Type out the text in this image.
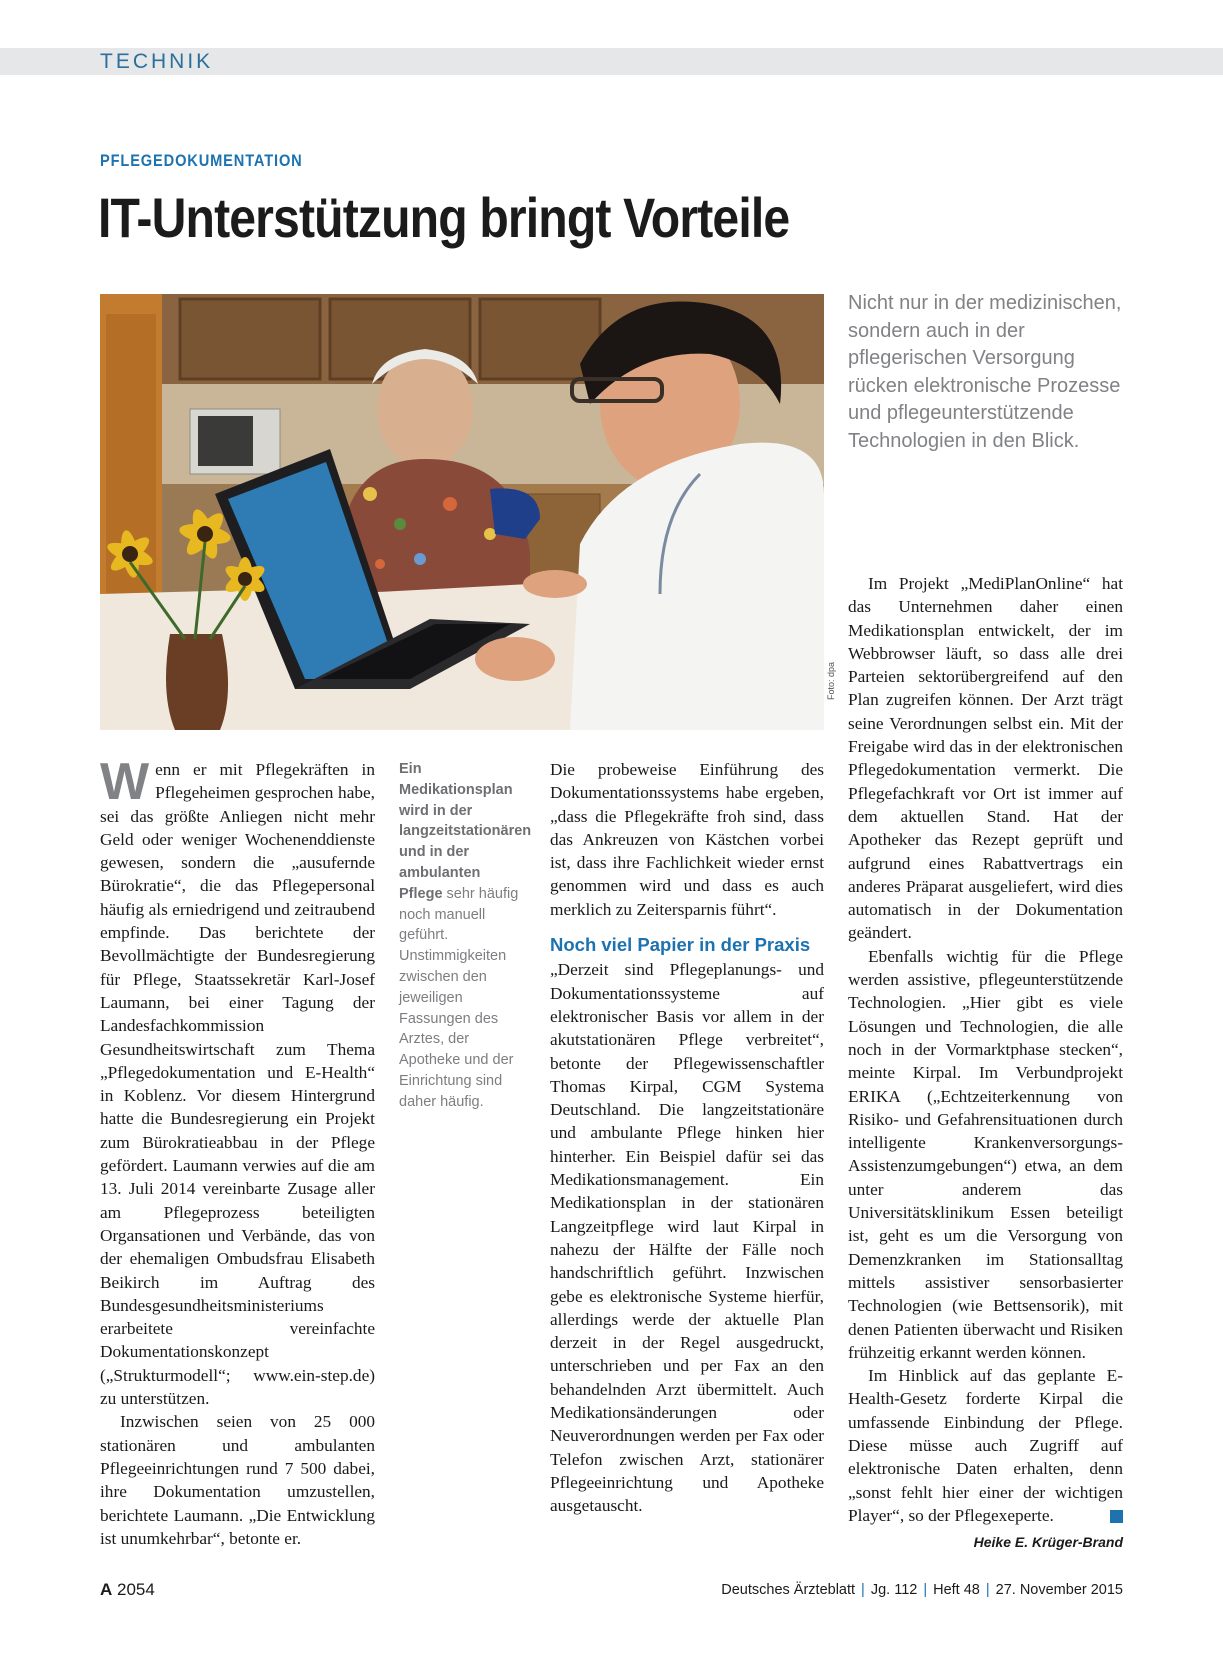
TECHNIK
PFLEGEDOKUMENTATION
IT-Unterstützung bringt Vorteile
Foto: dpa
Nicht nur in der medizinischen, sondern auch in der pflegerischen Versorgung rücken elektronische Prozesse und pflegeunterstützende Technologien in den Blick.

Wenn er mit Pflegekräften in Pflegeheimen gesprochen habe, sei das größte Anliegen nicht mehr Geld oder weniger Wochenenddienste gewesen, sondern die „ausufernde Bürokratie“, die das Pflegepersonal häufig als erniedrigend und zeitraubend empfinde. Das berichtete der Bevollmächtigte der Bundesregierung für Pflege, Staatssekretär Karl-Josef Laumann, bei einer Tagung der Landesfachkommission Gesundheitswirtschaft zum Thema „Pflegedokumentation und E-Health“ in Koblenz. Vor diesem Hintergrund hatte die Bundesregierung ein Projekt zum Bürokratieabbau in der Pflege gefördert. Laumann verwies auf die am 13. Juli 2014 vereinbarte Zusage aller am Pflegeprozess beteiligten Organsationen und Verbände, das von der ehemaligen Ombudsfrau Elisabeth Beikirch im Auftrag des Bundesgesundheitsministeriums erarbeitete vereinfachte Dokumentationskonzept („Strukturmodell“; www.ein-step.de) zu unterstützen.

Inzwischen seien von 25 000 stationären und ambulanten Pflegeeinrichtungen rund 7 500 dabei, ihre Dokumentation umzustellen, berichtete Laumann. „Die Entwicklung ist unumkehrbar“, betonte er.

Ein Medikationsplan wird in der langzeitstationären und in der ambulanten Pflege sehr häufig noch manuell geführt. Unstimmigkeiten zwischen den jeweiligen Fassungen des Arztes, der Apotheke und der Einrichtung sind daher häufig.

Die probeweise Einführung des Dokumentationssystems habe ergeben, „dass die Pflegekräfte froh sind, dass das Ankreuzen von Kästchen vorbei ist, dass ihre Fachlichkeit wieder ernst genommen wird und dass es auch merklich zu Zeitersparnis führt“.

Noch viel Papier in der Praxis

„Derzeit sind Pflegeplanungs- und Dokumentationssysteme auf elektronischer Basis vor allem in der akutstationären Pflege verbreitet“, betonte der Pflegewissenschaftler Thomas Kirpal, CGM Systema Deutschland. Die langzeitstationäre und ambulante Pflege hinken hier hinterher. Ein Beispiel dafür sei das Medikationsmanagement. Ein Medikationsplan in der stationären Langzeitpflege wird laut Kirpal in nahezu der Hälfte der Fälle noch handschriftlich geführt. Inzwischen gebe es elektronische Systeme hierfür, allerdings werde der aktuelle Plan derzeit in der Regel ausgedruckt, unterschrieben und per Fax an den behandelnden Arzt übermittelt. Auch Medikationsänderungen oder Neuverordnungen werden per Fax oder Telefon zwischen Arzt, stationärer Pflegeeinrichtung und Apotheke ausgetauscht.

Im Projekt „MediPlanOnline“ hat das Unternehmen daher einen Medikationsplan entwickelt, der im Webbrowser läuft, so dass alle drei Parteien sektorübergreifend auf den Plan zugreifen können. Der Arzt trägt seine Verordnungen selbst ein. Mit der Freigabe wird das in der elektronischen Pflegedokumentation vermerkt. Die Pflegefachkraft vor Ort ist immer auf dem aktuellen Stand. Hat der Apotheker das Rezept geprüft und aufgrund eines Rabattvertrags ein anderes Präparat ausgeliefert, wird dies automatisch in der Dokumentation geändert.

Ebenfalls wichtig für die Pflege werden assistive, pflegeunterstützende Technologien. „Hier gibt es viele Lösungen und Technologien, die alle noch in der Vormarktphase stecken“, meinte Kirpal. Im Verbundprojekt ERIKA („Echtzeiterkennung von Risiko- und Gefahrensituationen durch intelligente Krankenversorgungs-Assistenzumgebungen“) etwa, an dem unter anderem das Universitätsklinikum Essen beteiligt ist, geht es um die Versorgung von Demenzkranken im Stationsalltag mittels assistiver sensorbasierter Technologien (wie Bettsensorik), mit denen Patienten überwacht und Risiken frühzeitig erkannt werden können.

Im Hinblick auf das geplante E-Health-Gesetz forderte Kirpal die umfassende Einbindung der Pflege. Diese müsse auch Zugriff auf elektronische Daten erhalten, denn „sonst fehlt hier einer der wichtigen Player“, so der Pflegexeperte.

Heike E. Krüger-Brand
A 2054	Deutsches Ärzteblatt | Jg. 112 | Heft 48 | 27. November 2015
